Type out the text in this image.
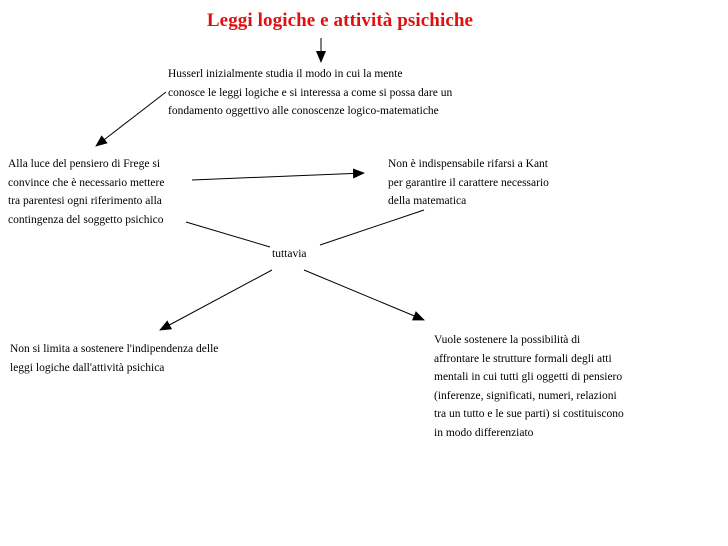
Leggi logiche e attività psichiche
Husserl inizialmente studia il modo in cui la mente
conosce le leggi logiche e si interessa a come si possa dare un
fondamento oggettivo alle conoscenze logico-matematiche
Alla luce del pensiero di Frege si
convince che è necessario mettere
tra parentesi ogni riferimento alla
contingenza del soggetto psichico
Non è indispensabile rifarsi a Kant
per garantire il carattere necessario
della matematica
tuttavia
Non si limita a sostenere l'indipendenza delle
leggi logiche dall'attività psichica
Vuole sostenere la possibilità di
affrontare le strutture formali degli atti
mentali in cui tutti gli oggetti di pensiero
(inferenze, significati, numeri, relazioni
tra un tutto e le sue parti) si costituiscono
in modo differenziato
